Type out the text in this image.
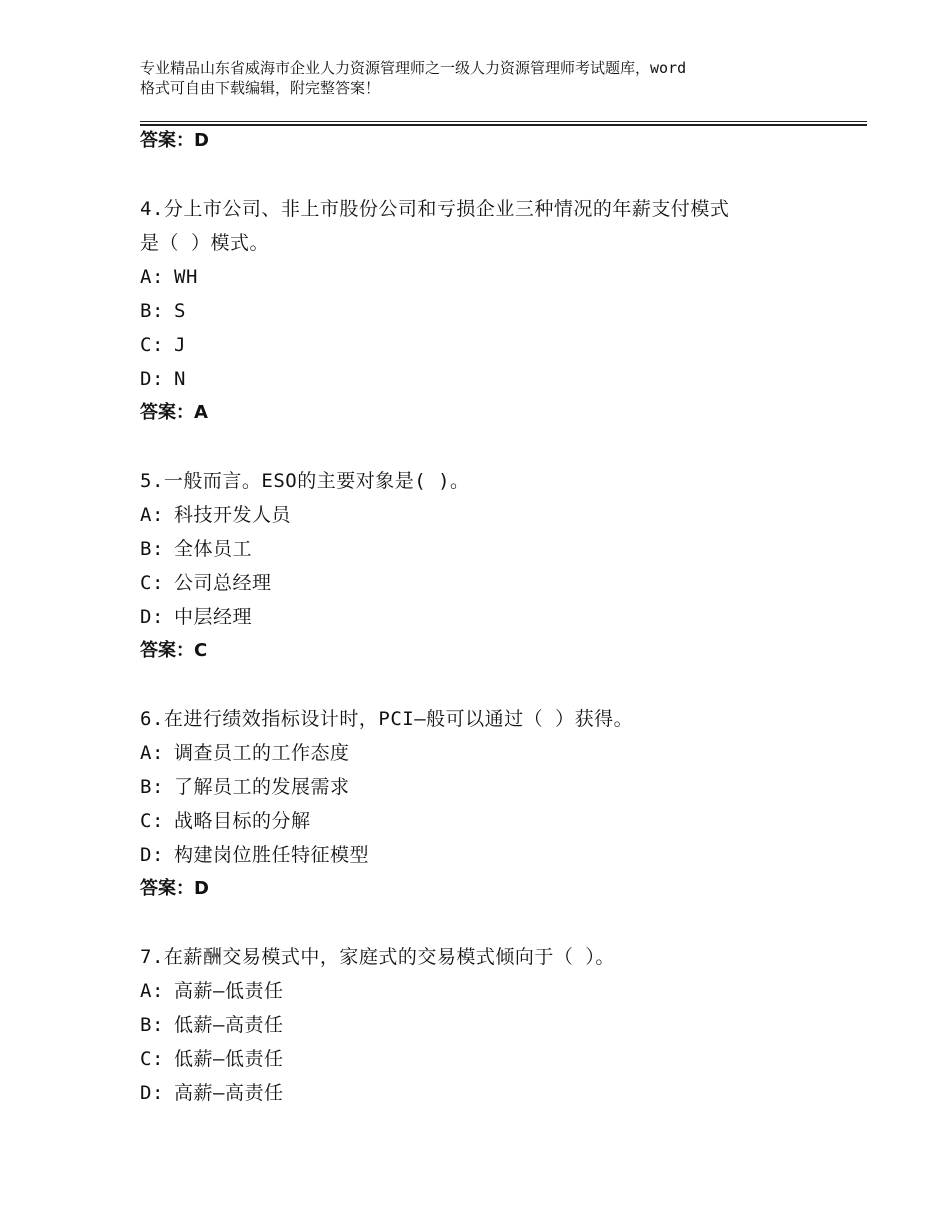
专业精品山东省威海市企业人力资源管理师之一级人力资源管理师考试题库，word
格式可自由下载编辑，附完整答案！
答案：D
4.分上市公司、非上市股份公司和亏损企业三种情况的年薪支付模式
是（ ）模式。
A: WH
B: S
C: J
D: N
答案：A
5.一般而言。ESO的主要对象是( )。
A: 科技开发人员
B: 全体员工
C: 公司总经理
D: 中层经理
答案：C
6.在进行绩效指标设计时，PCI—般可以通过（ ）获得。
A: 调查员工的工作态度
B: 了解员工的发展需求
C: 战略目标的分解
D: 构建岗位胜任特征模型
答案：D
7.在薪酬交易模式中，家庭式的交易模式倾向于（ ）。
A: 高薪—低责任
B: 低薪—高责任
C: 低薪—低责任
D: 高薪—高责任
